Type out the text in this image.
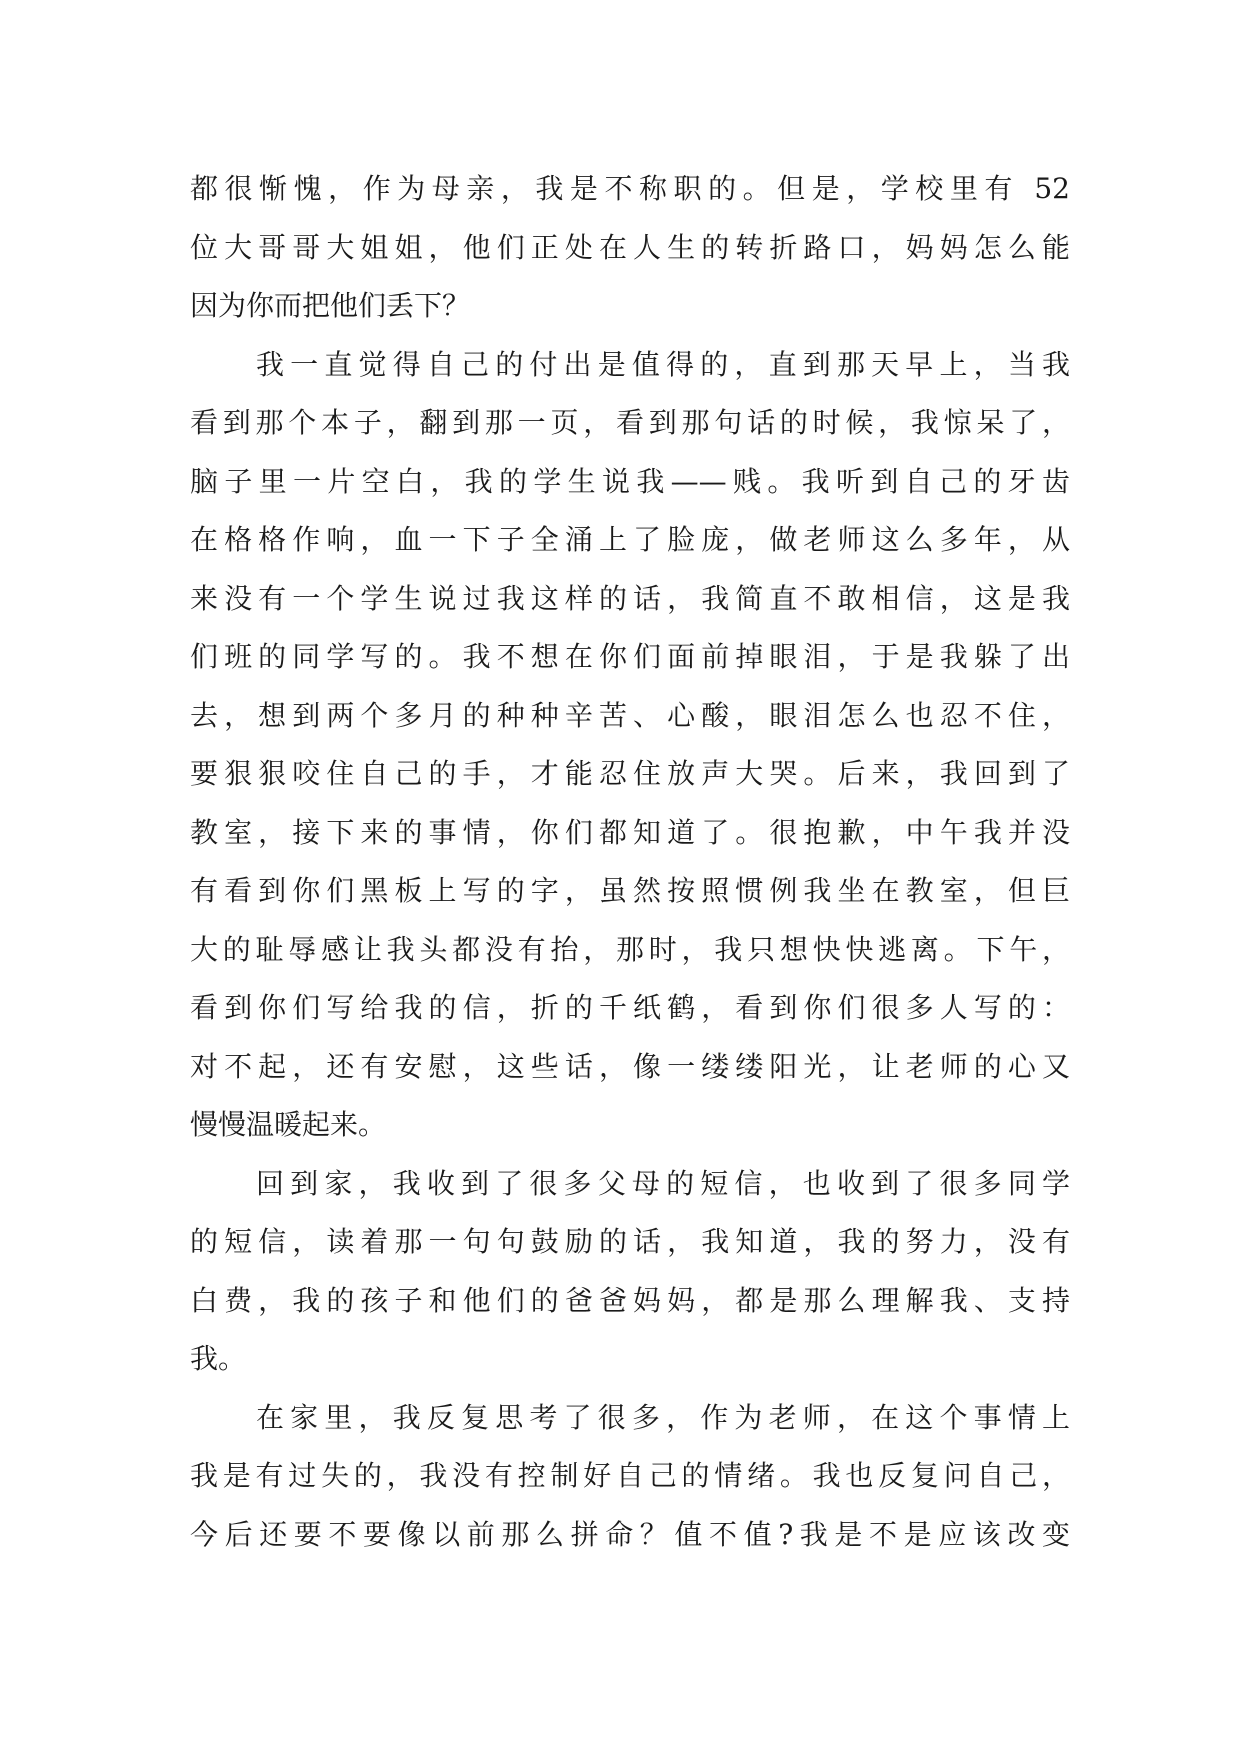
都很惭愧，作为母亲，我是不称职的。但是，学校里有 52
位大哥哥大姐姐，他们正处在人生的转折路口，妈妈怎么能
因为你而把他们丢下？
我一直觉得自己的付出是值得的，直到那天早上，当我
看到那个本子，翻到那一页，看到那句话的时候，我惊呆了，
脑子里一片空白，我的学生说我——贱。我听到自己的牙齿
在格格作响，血一下子全涌上了脸庞，做老师这么多年，从
来没有一个学生说过我这样的话，我简直不敢相信，这是我
们班的同学写的。我不想在你们面前掉眼泪，于是我躲了出
去，想到两个多月的种种辛苦、心酸，眼泪怎么也忍不住，
要狠狠咬住自己的手，才能忍住放声大哭。后来，我回到了
教室，接下来的事情，你们都知道了。很抱歉，中午我并没
有看到你们黑板上写的字，虽然按照惯例我坐在教室，但巨
大的耻辱感让我头都没有抬，那时，我只想快快逃离。下午，
看到你们写给我的信，折的千纸鹤，看到你们很多人写的：
对不起，还有安慰，这些话，像一缕缕阳光，让老师的心又
慢慢温暖起来。
回到家，我收到了很多父母的短信，也收到了很多同学
的短信，读着那一句句鼓励的话，我知道，我的努力，没有
白费，我的孩子和他们的爸爸妈妈，都是那么理解我、支持
我。
在家里，我反复思考了很多，作为老师，在这个事情上
我是有过失的，我没有控制好自己的情绪。我也反复问自己，
今后还要不要像以前那么拼命？值不值?我是不是应该改变
